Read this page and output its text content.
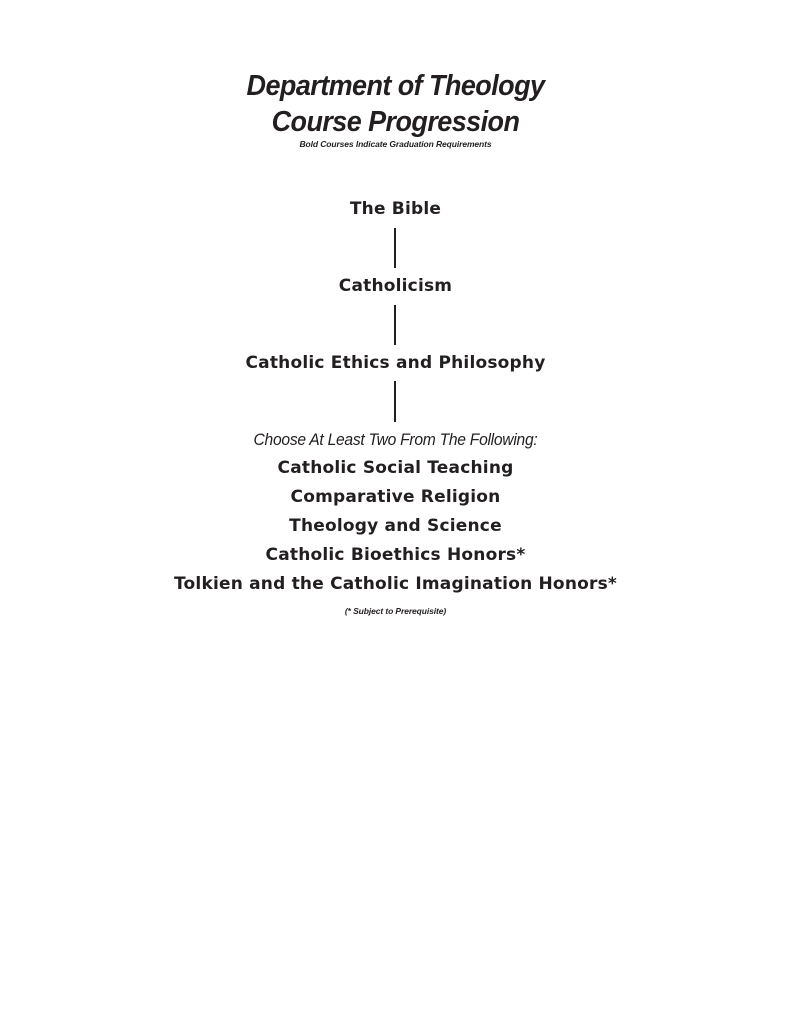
Department of Theology
Course Progression
Bold Courses Indicate Graduation Requirements
The Bible
Catholicism
Catholic Ethics and Philosophy
Choose At Least Two From The Following:
Catholic Social Teaching
Comparative Religion
Theology and Science
Catholic Bioethics Honors*
Tolkien and the Catholic Imagination Honors*
(* Subject to Prerequisite)
